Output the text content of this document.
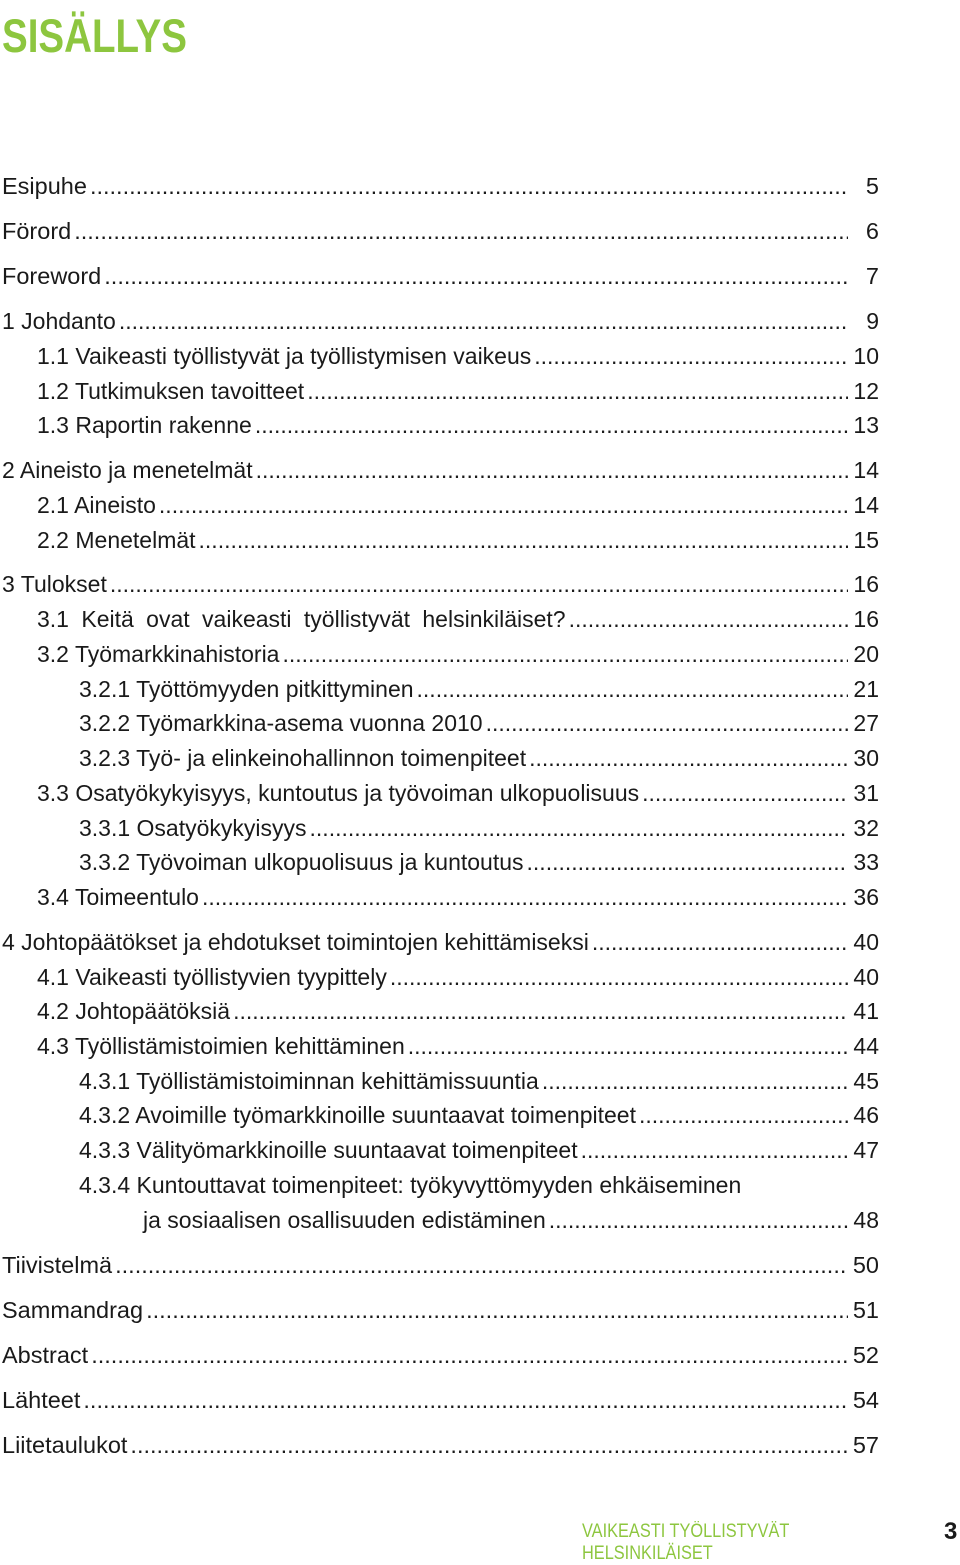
SISÄLLYS
Esipuhe .....	5
Förord .....	6
Foreword .....	7
1 Johdanto .....	9
1.1 Vaikeasti työllistyvät ja työllistymisen vaikeus .....	10
1.2 Tutkimuksen tavoitteet .....	12
1.3 Raportin rakenne .....	13
2 Aineisto ja menetelmät .....	14
2.1 Aineisto .....	14
2.2 Menetelmät .....	15
3 Tulokset .....	16
3.1 Keitä ovat vaikeasti työllistyvät helsinkiläiset? .....	16
3.2 Työmarkkinahistoria .....	20
3.2.1 Työttömyyden pitkittyminen .....	21
3.2.2 Työmarkkina-asema vuonna 2010 .....	27
3.2.3 Työ- ja elinkeinohallinnon toimenpiteet .....	30
3.3 Osatyökykyisyys, kuntoutus ja työvoiman ulkopuolisuus .....	31
3.3.1 Osatyökykyisyys .....	32
3.3.2 Työvoiman ulkopuolisuus ja kuntoutus .....	33
3.4 Toimeentulo .....	36
4 Johtopäätökset ja ehdotukset toimintojen kehittämiseksi .....	40
4.1 Vaikeasti työllistyvien tyypittely .....	40
4.2 Johtopäätöksiä .....	41
4.3 Työllistämistoimien kehittäminen .....	44
4.3.1 Työllistämistoiminnan kehittämissuuntia .....	45
4.3.2 Avoimille työmarkkinoille suuntaavat toimenpiteet .....	46
4.3.3 Välityömarkkinoille suuntaavat toimenpiteet .....	47
4.3.4 Kuntouttavat toimenpiteet: työkyvyttömyyden ehkäiseminen
ja sosiaalisen osallisuuden edistäminen .....	48
Tiivistelmä .....	50
Sammandrag .....	51
Abstract .....	52
Lähteet .....	54
Liitetaulukot .....	57
VAIKEASTI TYÖLLISTYVÄT HELSINKILÄISET
3
